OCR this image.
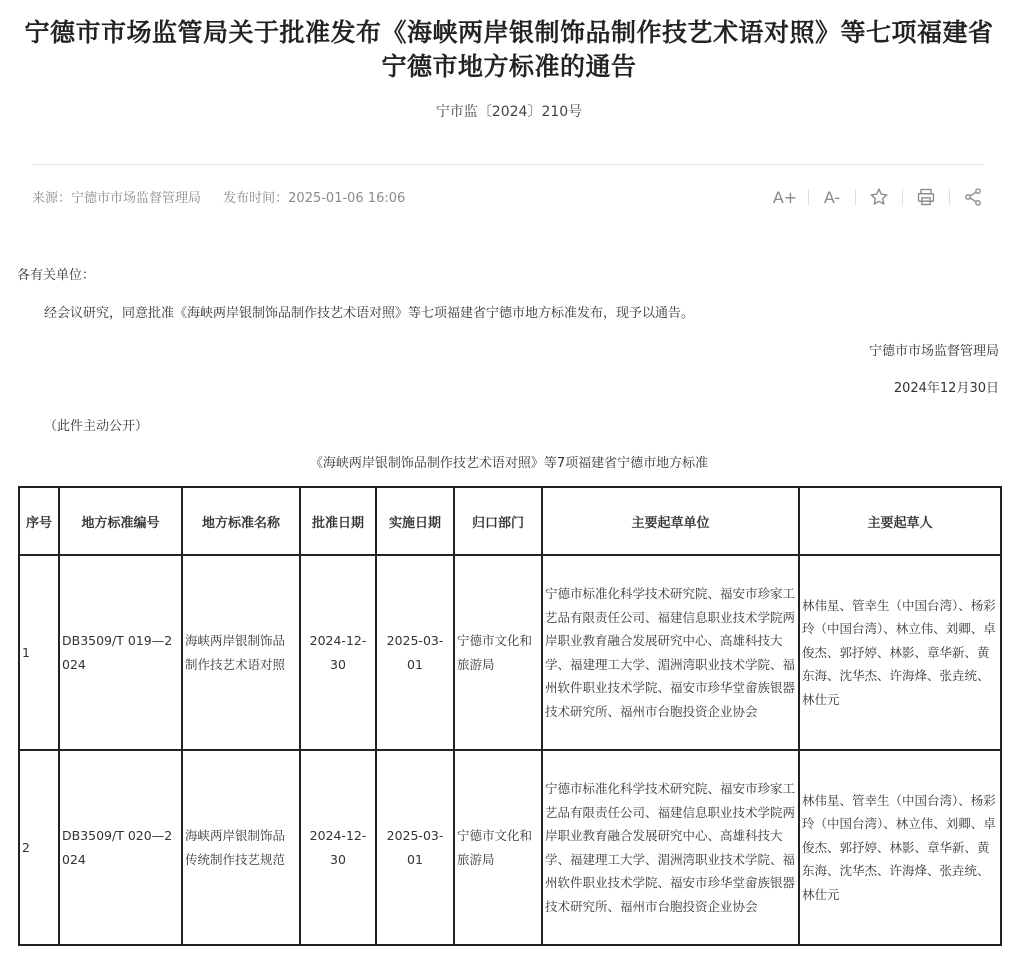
宁德市市场监管局关于批准发布《海峡两岸银制饰品制作技艺术语对照》等七项福建省
宁德市地方标准的通告
宁市监〔2024〕210号
来源：宁德市市场监督管理局 发布时间：2025-01-06 16:06	A+ A-
各有关单位：
经会议研究，同意批准《海峡两岸银制饰品制作技艺术语对照》等七项福建省宁德市地方标准发布，现予以通告。
宁德市市场监督管理局
2024年12月30日
（此件主动公开）
《海峡两岸银制饰品制作技艺术语对照》等7项福建省宁德市地方标准
序号	地方标准编号	地方标准名称	批准日期	实施日期	归口部门	主要起草单位	主要起草人
1	DB3509/T 019—2024	海峡两岸银制饰品制作技艺术语对照	2024-12-30	2025-03-01	宁德市文化和旅游局	宁德市标准化科学技术研究院、福安市珍家工艺品有限责任公司、福建信息职业技术学院两岸职业教育融合发展研究中心、高雄科技大学、福建理工大学、湄洲湾职业技术学院、福州软件职业技术学院、福安市珍华堂畲族银器技术研究所、福州市台胞投资企业协会	林伟星、管幸生（中国台湾）、杨彩玲（中国台湾）、林立伟、刘卿、卓俊杰、郭抒婷、林影、章华新、黄东海、沈华杰、许海烽、张垚统、林仕元
2	DB3509/T 020—2024	海峡两岸银制饰品传统制作技艺规范	2024-12-30	2025-03-01	宁德市文化和旅游局	宁德市标准化科学技术研究院、福安市珍家工艺品有限责任公司、福建信息职业技术学院两岸职业教育融合发展研究中心、高雄科技大学、福建理工大学、湄洲湾职业技术学院、福州软件职业技术学院、福安市珍华堂畲族银器技术研究所、福州市台胞投资企业协会	林伟星、管幸生（中国台湾）、杨彩玲（中国台湾）、林立伟、刘卿、卓俊杰、郭抒婷、林影、章华新、黄东海、沈华杰、许海烽、张垚统、林仕元
